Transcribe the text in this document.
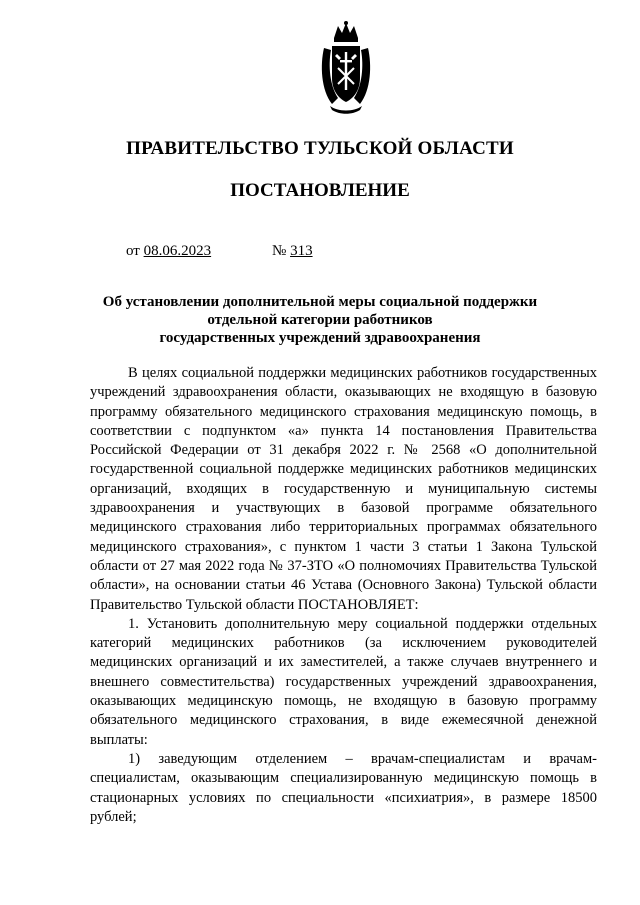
ПРАВИТЕЛЬСТВО ТУЛЬСКОЙ ОБЛАСТИ
ПОСТАНОВЛЕНИЕ
от 08.06.2023	№ 313
Об установлении дополнительной меры социальной поддержки
отдельной категории работников
государственных учреждений здравоохранения

В целях социальной поддержки медицинских работников государственных учреждений здравоохранения области, оказывающих не входящую в базовую программу обязательного медицинского страхования медицинскую помощь, в соответствии с подпунктом «а» пункта 14 постановления Правительства Российской Федерации от 31 декабря 2022 г. № 2568 «О дополнительной государственной социальной поддержке медицинских работников медицинских организаций, входящих в государственную и муниципальную системы здравоохранения и участвующих в базовой программе обязательного медицинского страхования либо территориальных программах обязательного медицинского страхования», с пунктом 1 части 3 статьи 1 Закона Тульской области от 27 мая 2022 года № 37-ЗТО «О полномочиях Правительства Тульской области», на основании статьи 46 Устава (Основного Закона) Тульской области Правительство Тульской области ПОСТАНОВЛЯЕТ:

1. Установить дополнительную меру социальной поддержки отдельных категорий медицинских работников (за исключением руководителей медицинских организаций и их заместителей, а также случаев внутреннего и внешнего совместительства) государственных учреждений здравоохранения, оказывающих медицинскую помощь, не входящую в базовую программу обязательного медицинского страхования, в виде ежемесячной денежной выплаты:

1) заведующим отделением – врачам-специалистам и врачам-специалистам, оказывающим специализированную медицинскую помощь в стационарных условиях по специальности «психиатрия», в размере 18500 рублей;
